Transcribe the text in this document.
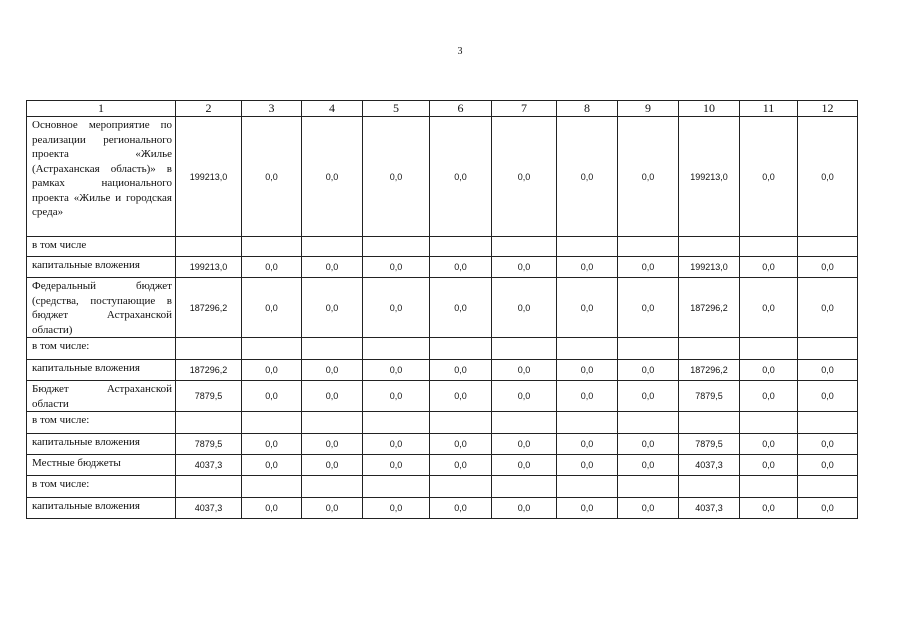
3
1	2	3	4	5	6	7	8	9	10	11	12
Основное мероприятие по реализации регионального проекта «Жилье (Астраханская область)» в рамках национального проекта «Жилье и городская среда»	199213,0	0,0	0,0	0,0	0,0	0,0	0,0	0,0	199213,0	0,0	0,0
в том числе											
капитальные вложения	199213,0	0,0	0,0	0,0	0,0	0,0	0,0	0,0	199213,0	0,0	0,0
Федеральный бюджет (средства, поступающие в бюджет Астраханской области)	187296,2	0,0	0,0	0,0	0,0	0,0	0,0	0,0	187296,2	0,0	0,0
в том числе:											
капитальные вложения	187296,2	0,0	0,0	0,0	0,0	0,0	0,0	0,0	187296,2	0,0	0,0
Бюджет Астраханской области	7879,5	0,0	0,0	0,0	0,0	0,0	0,0	0,0	7879,5	0,0	0,0
в том числе:											
капитальные вложения	7879,5	0,0	0,0	0,0	0,0	0,0	0,0	0,0	7879,5	0,0	0,0
Местные бюджеты	4037,3	0,0	0,0	0,0	0,0	0,0	0,0	0,0	4037,3	0,0	0,0
в том числе:											
капитальные вложения	4037,3	0,0	0,0	0,0	0,0	0,0	0,0	0,0	4037,3	0,0	0,0
